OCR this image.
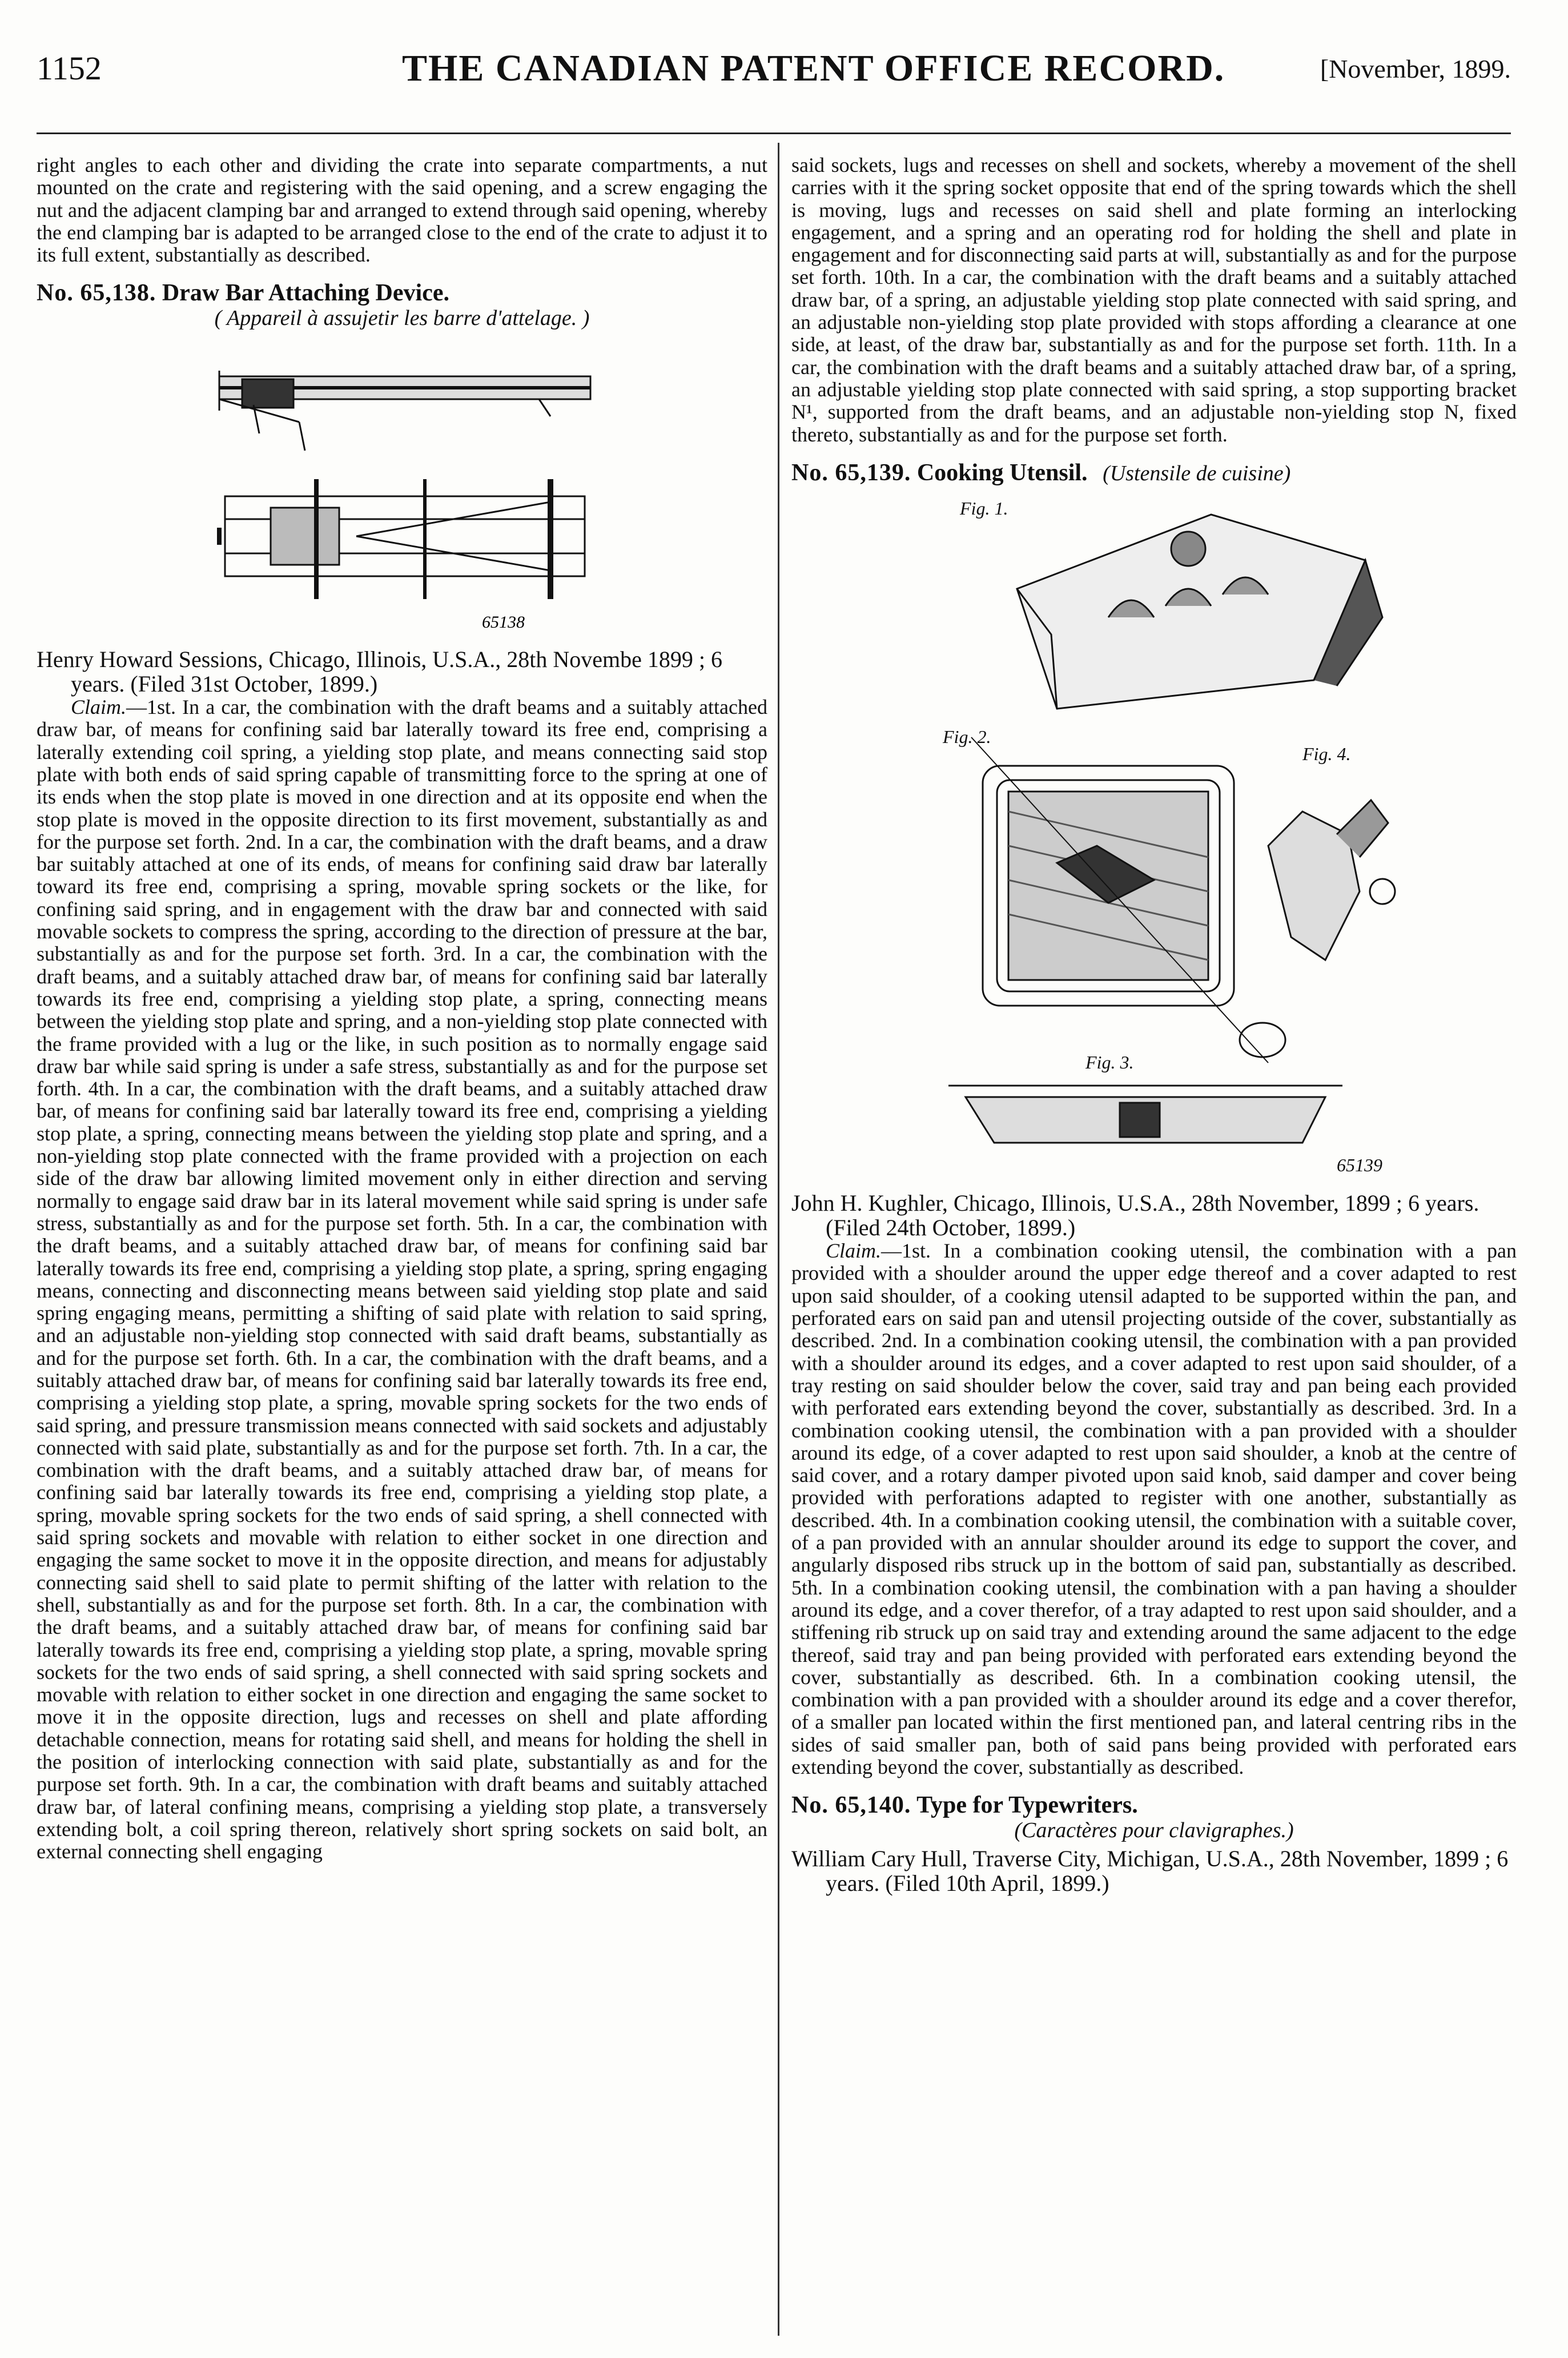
1152	THE CANADIAN PATENT OFFICE RECORD.	[November, 1899.

right angles to each other and dividing the crate into separate compartments, a nut mounted on the crate and registering with the said opening, and a screw engaging the nut and the adjacent clamping bar and arranged to extend through said opening, whereby the end clamping bar is adapted to be arranged close to the end of the crate to adjust it to its full extent, substantially as described.

No. 65,138. Draw Bar Attaching Device.
( Appareil à assujetir les barre d'attelage. )
65138

Henry Howard Sessions, Chicago, Illinois, U.S.A., 28th Novembe 1899 ; 6 years. (Filed 31st October, 1899.)

Claim.—1st. In a car, the combination with the draft beams and a suitably attached draw bar, of means for confining said bar laterally toward its free end, comprising a laterally extending coil spring, a yielding stop plate, and means connecting said stop plate with both ends of said spring capable of transmitting force to the spring at one of its ends when the stop plate is moved in one direction and at its opposite end when the stop plate is moved in the opposite direction to its first movement, substantially as and for the purpose set forth. 2nd. In a car, the combination with the draft beams, and a draw bar suitably attached at one of its ends, of means for confining said draw bar laterally toward its free end, comprising a spring, movable spring sockets or the like, for confining said spring, and in engagement with the draw bar and connected with said movable sockets to compress the spring, according to the direction of pressure at the bar, substantially as and for the purpose set forth. 3rd. In a car, the combination with the draft beams, and a suitably attached draw bar, of means for confining said bar laterally towards its free end, comprising a yielding stop plate, a spring, connecting means between the yielding stop plate and spring, and a non-yielding stop plate connected with the frame provided with a lug or the like, in such position as to normally engage said draw bar while said spring is under a safe stress, substantially as and for the purpose set forth. 4th. In a car, the combination with the draft beams, and a suitably attached draw bar, of means for confining said bar laterally toward its free end, comprising a yielding stop plate, a spring, connecting means between the yielding stop plate and spring, and a non-yielding stop plate connected with the frame provided with a projection on each side of the draw bar allowing limited movement only in either direction and serving normally to engage said draw bar in its lateral movement while said spring is under safe stress, substantially as and for the purpose set forth. 5th. In a car, the combination with the draft beams, and a suitably attached draw bar, of means for confining said bar laterally towards its free end, comprising a yielding stop plate, a spring, spring engaging means, connecting and disconnecting means between said yielding stop plate and said spring engaging means, permitting a shifting of said plate with relation to said spring, and an adjustable non-yielding stop connected with said draft beams, substantially as and for the purpose set forth. 6th. In a car, the combination with the draft beams, and a suitably attached draw bar, of means for confining said bar laterally towards its free end, comprising a yielding stop plate, a spring, movable spring sockets for the two ends of said spring, and pressure transmission means connected with said sockets and adjustably connected with said plate, substantially as and for the purpose set forth. 7th. In a car, the combination with the draft beams, and a suitably attached draw bar, of means for confining said bar laterally towards its free end, comprising a yielding stop plate, a spring, movable spring sockets for the two ends of said spring, a shell connected with said spring sockets and movable with relation to either socket in one direction and engaging the same socket to move it in the opposite direction, and means for adjustably connecting said shell to said plate to permit shifting of the latter with relation to the shell, substantially as and for the purpose set forth. 8th. In a car, the combination with the draft beams, and a suitably attached draw bar, of means for confining said bar laterally towards its free end, comprising a yielding stop plate, a spring, movable spring sockets for the two ends of said spring, a shell connected with said spring sockets and movable with relation to either socket in one direction and engaging the same socket to move it in the opposite direction, lugs and recesses on shell and plate affording detachable connection, means for rotating said shell, and means for holding the shell in the position of interlocking connection with said plate, substantially as and for the purpose set forth. 9th. In a car, the combination with draft beams and suitably attached draw bar, of lateral confining means, comprising a yielding stop plate, a transversely extending bolt, a coil spring thereon, relatively short spring sockets on said bolt, an external connecting shell engaging

said sockets, lugs and recesses on shell and sockets, whereby a movement of the shell carries with it the spring socket opposite that end of the spring towards which the shell is moving, lugs and recesses on said shell and plate forming an interlocking engagement, and a spring and an operating rod for holding the shell and plate in engagement and for disconnecting said parts at will, substantially as and for the purpose set forth. 10th. In a car, the combination with the draft beams and a suitably attached draw bar, of a spring, an adjustable yielding stop plate connected with said spring, and an adjustable non-yielding stop plate provided with stops affording a clearance at one side, at least, of the draw bar, substantially as and for the purpose set forth. 11th. In a car, the combination with the draft beams and a suitably attached draw bar, of a spring, an adjustable yielding stop plate connected with said spring, a stop supporting bracket N¹, supported from the draft beams, and an adjustable non-yielding stop N, fixed thereto, substantially as and for the purpose set forth.

No. 65,139. Cooking Utensil. (Ustensile de cuisine)
Fig. 1.
Fig. 2.
Fig. 3.
Fig. 4.
65139

John H. Kughler, Chicago, Illinois, U.S.A., 28th November, 1899 ; 6 years. (Filed 24th October, 1899.)

Claim.—1st. In a combination cooking utensil, the combination with a pan provided with a shoulder around the upper edge thereof and a cover adapted to rest upon said shoulder, of a cooking utensil adapted to be supported within the pan, and perforated ears on said pan and utensil projecting outside of the cover, substantially as described. 2nd. In a combination cooking utensil, the combination with a pan provided with a shoulder around its edges, and a cover adapted to rest upon said shoulder, of a tray resting on said shoulder below the cover, said tray and pan being each provided with perforated ears extending beyond the cover, substantially as described. 3rd. In a combination cooking utensil, the combination with a pan provided with a shoulder around its edge, of a cover adapted to rest upon said shoulder, a knob at the centre of said cover, and a rotary damper pivoted upon said knob, said damper and cover being provided with perforations adapted to register with one another, substantially as described. 4th. In a combination cooking utensil, the combination with a suitable cover, of a pan provided with an annular shoulder around its edge to support the cover, and angularly disposed ribs struck up in the bottom of said pan, substantially as described. 5th. In a combination cooking utensil, the combination with a pan having a shoulder around its edge, and a cover therefor, of a tray adapted to rest upon said shoulder, and a stiffening rib struck up on said tray and extending around the same adjacent to the edge thereof, said tray and pan being provided with perforated ears extending beyond the cover, substantially as described. 6th. In a combination cooking utensil, the combination with a pan provided with a shoulder around its edge and a cover therefor, of a smaller pan located within the first mentioned pan, and lateral centring ribs in the sides of said smaller pan, both of said pans being provided with perforated ears extending beyond the cover, substantially as described.

No. 65,140. Type for Typewriters.
(Caractères pour clavigraphes.)

William Cary Hull, Traverse City, Michigan, U.S.A., 28th November, 1899 ; 6 years. (Filed 10th April, 1899.)
